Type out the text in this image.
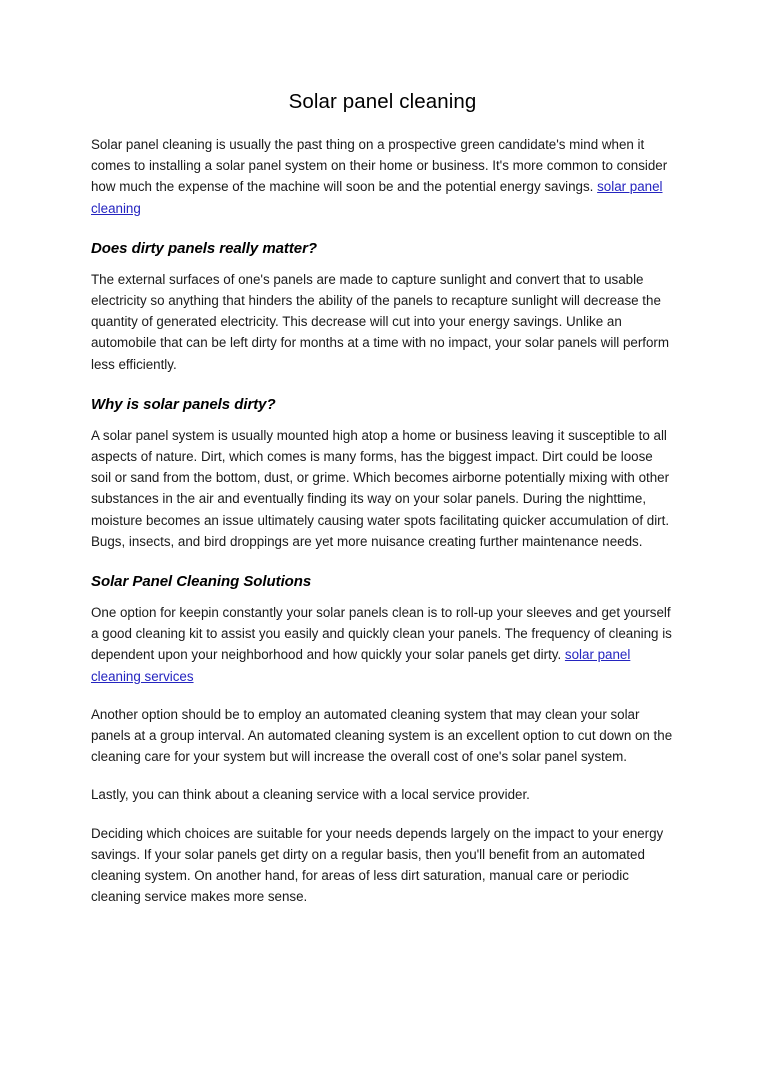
Solar panel cleaning

Solar panel cleaning is usually the past thing on a prospective green candidate's mind when it comes to installing a solar panel system on their home or business. It's more common to consider how much the expense of the machine will soon be and the potential energy savings. solar panel cleaning

Does dirty panels really matter?

The external surfaces of one's panels are made to capture sunlight and convert that to usable electricity so anything that hinders the ability of the panels to recapture sunlight will decrease the quantity of generated electricity. This decrease will cut into your energy savings. Unlike an automobile that can be left dirty for months at a time with no impact, your solar panels will perform less efficiently.

Why is solar panels dirty?

A solar panel system is usually mounted high atop a home or business leaving it susceptible to all aspects of nature. Dirt, which comes is many forms, has the biggest impact. Dirt could be loose soil or sand from the bottom, dust, or grime. Which becomes airborne potentially mixing with other substances in the air and eventually finding its way on your solar panels. During the nighttime, moisture becomes an issue ultimately causing water spots facilitating quicker accumulation of dirt. Bugs, insects, and bird droppings are yet more nuisance creating further maintenance needs.

Solar Panel Cleaning Solutions

One option for keepin constantly your solar panels clean is to roll-up your sleeves and get yourself a good cleaning kit to assist you easily and quickly clean your panels. The frequency of cleaning is dependent upon your neighborhood and how quickly your solar panels get dirty. solar panel cleaning services

Another option should be to employ an automated cleaning system that may clean your solar panels at a group interval. An automated cleaning system is an excellent option to cut down on the cleaning care for your system but will increase the overall cost of one's solar panel system.

Lastly, you can think about a cleaning service with a local service provider.

Deciding which choices are suitable for your needs depends largely on the impact to your energy savings. If your solar panels get dirty on a regular basis, then you'll benefit from an automated cleaning system. On another hand, for areas of less dirt saturation, manual care or periodic cleaning service makes more sense.
